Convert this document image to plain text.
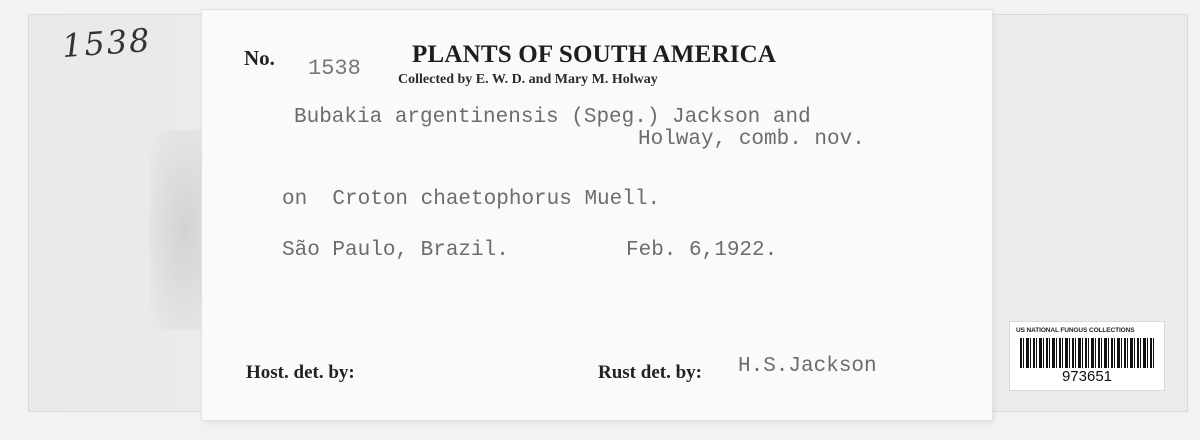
1538	No. 1538
PLANTS OF SOUTH AMERICA
Collected by E. W. D. and Mary M. Holway
Bubakia argentinensis (Speg.) Jackson and
Holway, comb. nov.
on  Croton chaetophorus Muell.
São Paulo, Brazil.	Feb. 6,1922.
Host. det. by:	Rust det. by: H.S.Jackson
US NATIONAL FUNGUS COLLECTIONS
973651
